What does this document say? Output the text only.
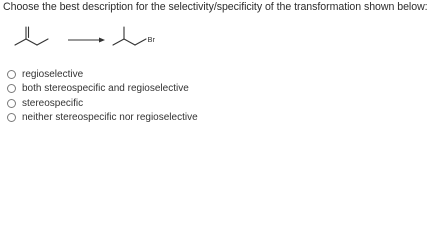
Choose the best description for the selectivity/specificity of the transformation shown below:
Br
regioselective
both stereospecific and regioselective
stereospecific
neither stereospecific nor regioselective
